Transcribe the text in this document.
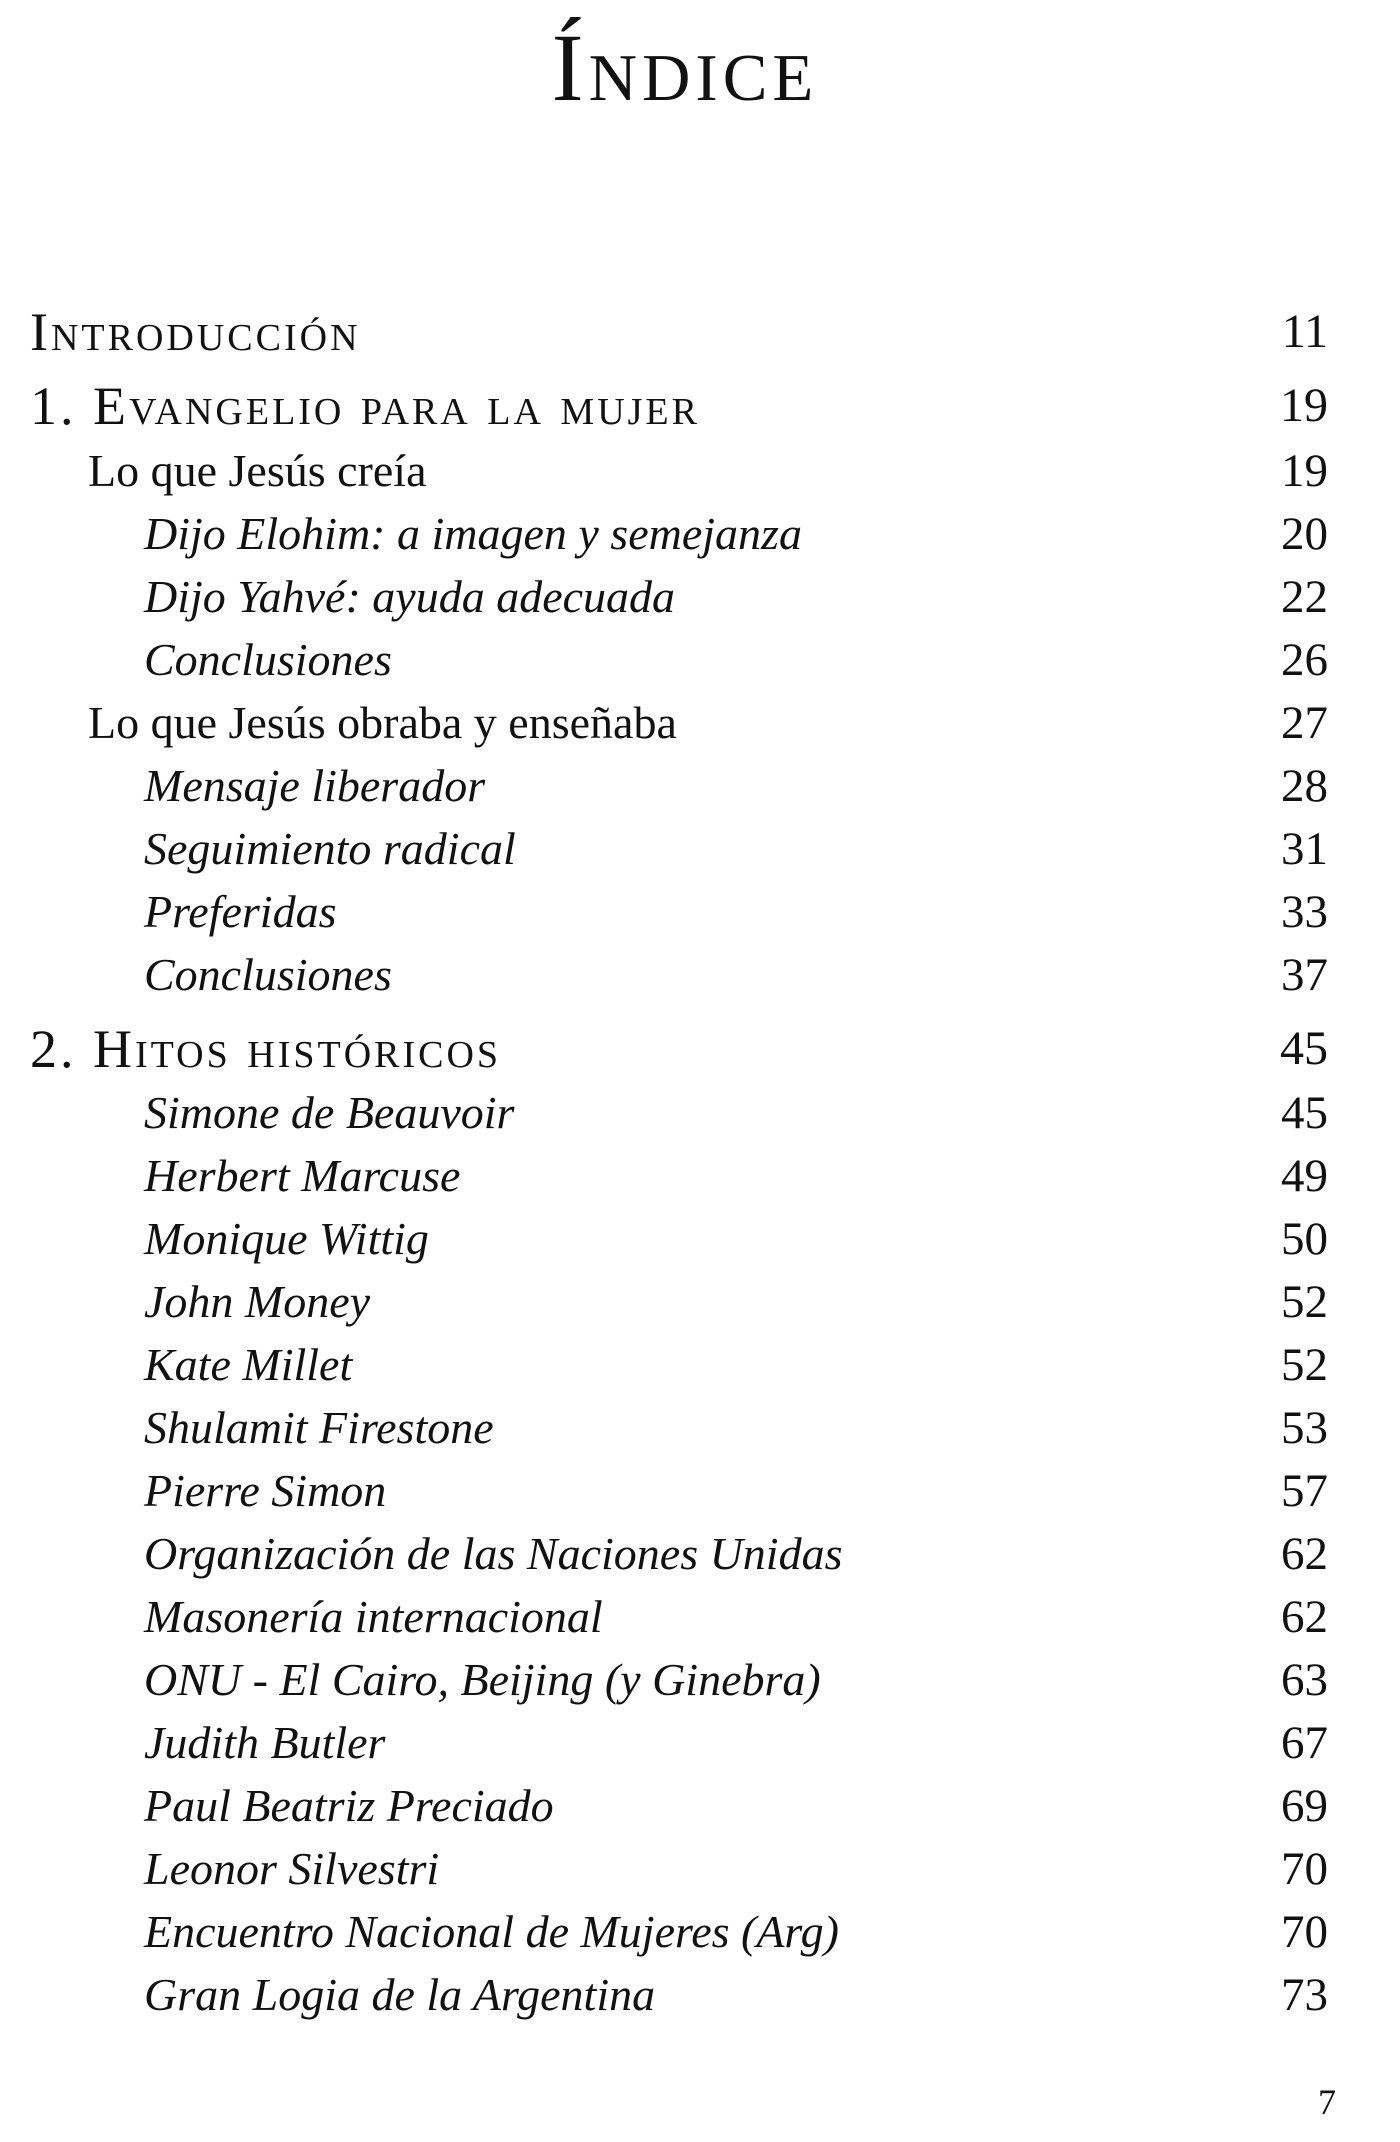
Índice
Introducción	11
1. Evangelio para la mujer	19
Lo que Jesús creía	19
Dijo Elohim: a imagen y semejanza	20
Dijo Yahvé: ayuda adecuada	22
Conclusiones	26
Lo que Jesús obraba y enseñaba	27
Mensaje liberador	28
Seguimiento radical	31
Preferidas	33
Conclusiones	37
2. Hitos históricos	45
Simone de Beauvoir	45
Herbert Marcuse	49
Monique Wittig	50
John Money	52
Kate Millet	52
Shulamit Firestone	53
Pierre Simon	57
Organización de las Naciones Unidas	62
Masonería internacional	62
ONU - El Cairo, Beijing (y Ginebra)	63
Judith Butler	67
Paul Beatriz Preciado	69
Leonor Silvestri	70
Encuentro Nacional de Mujeres (Arg)	70
Gran Logia de la Argentina	73
7
